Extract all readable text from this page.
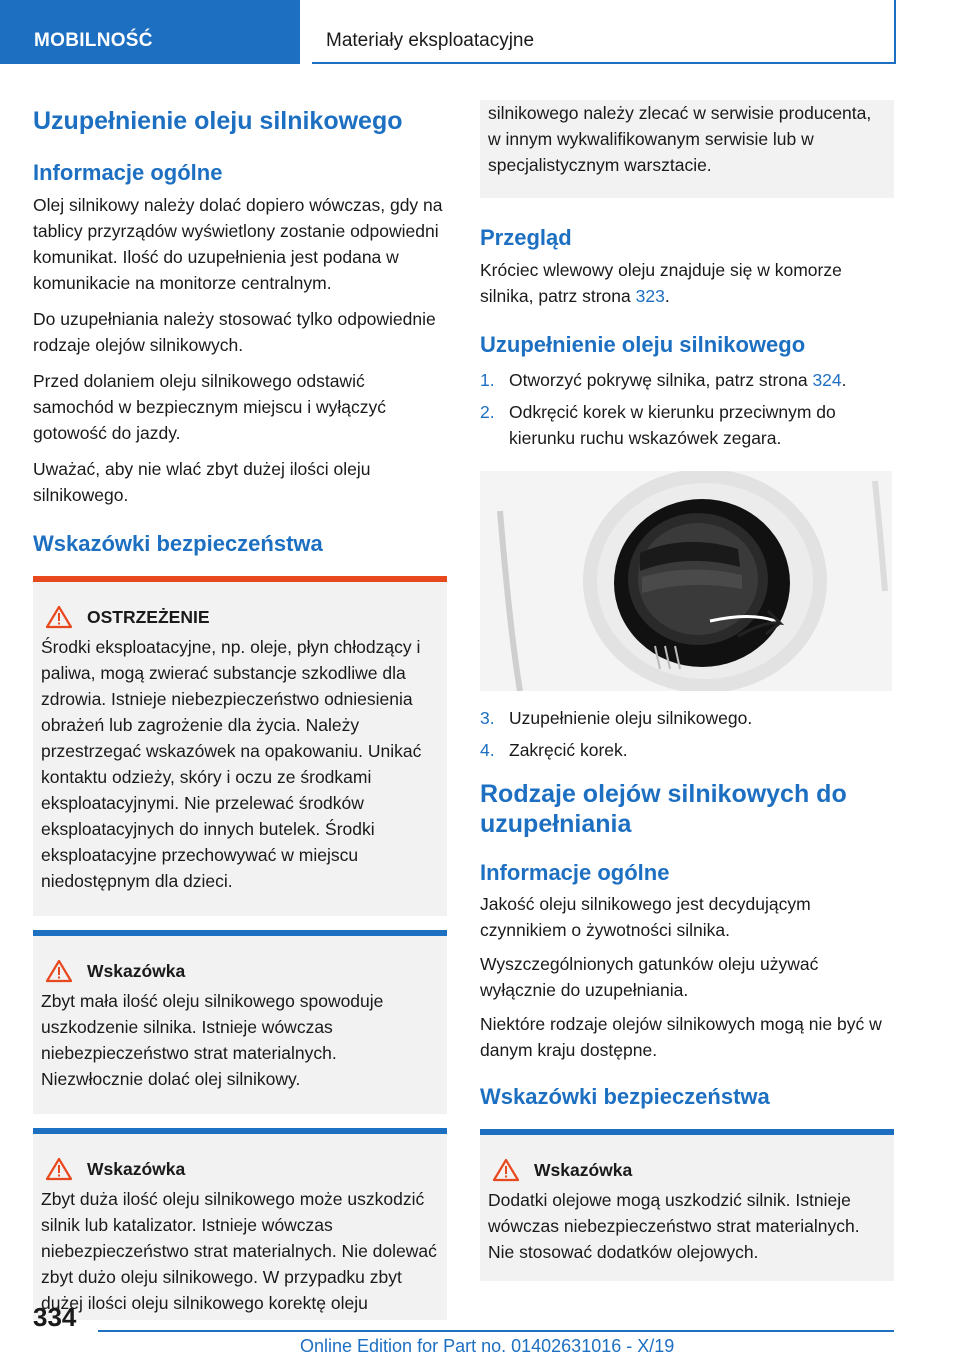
MOBILNOŚĆ	Materiały eksploatacyjne
Uzupełnienie oleju silnikowego
Informacje ogólne

Olej silnikowy należy dolać dopiero wówczas, gdy na tablicy przyrządów wyświetlony zostanie odpowiedni komunikat. Ilość do uzupełnienia jest podana w komunikacie na monitorze centralnym.

Do uzupełniania należy stosować tylko odpowiednie rodzaje olejów silnikowych.

Przed dolaniem oleju silnikowego odstawić samochód w bezpiecznym miejscu i wyłączyć gotowość do jazdy.

Uważać, aby nie wlać zbyt dużej ilości oleju silnikowego.

Wskazówki bezpieczeństwa
OSTRZEŻENIE

Środki eksploatacyjne, np. oleje, płyn chłodzący i paliwa, mogą zwierać substancje szkodliwe dla zdrowia. Istnieje niebezpieczeństwo odniesienia obrażeń lub zagrożenie dla życia. Należy przestrzegać wskazówek na opakowaniu. Unikać kontaktu odzieży, skóry i oczu ze środkami eksploatacyjnymi. Nie przelewać środków eksploatacyjnych do innych butelek. Środki eksploatacyjne przechowywać w miejscu niedostępnym dla dzieci.

Wskazówka

Zbyt mała ilość oleju silnikowego spowoduje uszkodzenie silnika. Istnieje wówczas niebezpieczeństwo strat materialnych. Niezwłocznie dolać olej silnikowy.

Wskazówka

Zbyt duża ilość oleju silnikowego może uszkodzić silnik lub katalizator. Istnieje wówczas niebezpieczeństwo strat materialnych. Nie dolewać zbyt dużo oleju silnikowego. W przypadku zbyt dużej ilości oleju silnikowego korektę oleju

silnikowego należy zlecać w serwisie producenta, w innym wykwalifikowanym serwisie lub w specjalistycznym warsztacie.

Przegląd

Króciec wlewowy oleju znajduje się w komorze silnika, patrz strona 323.

Uzupełnienie oleju silnikowego
1. Otworzyć pokrywę silnika, patrz strona 324.
2. Odkręcić korek w kierunku przeciwnym do kierunku ruchu wskazówek zegara.
3. Uzupełnienie oleju silnikowego.
4. Zakręcić korek.
Rodzaje olejów silnikowych do uzupełniania
Informacje ogólne

Jakość oleju silnikowego jest decydującym czynnikiem o żywotności silnika.

Wyszczególnionych gatunków oleju używać wyłącznie do uzupełniania.

Niektóre rodzaje olejów silnikowych mogą nie być w danym kraju dostępne.

Wskazówki bezpieczeństwa
Wskazówka

Dodatki olejowe mogą uszkodzić silnik. Istnieje wówczas niebezpieczeństwo strat materialnych. Nie stosować dodatków olejowych.

334
Online Edition for Part no. 01402631016 - X/19
